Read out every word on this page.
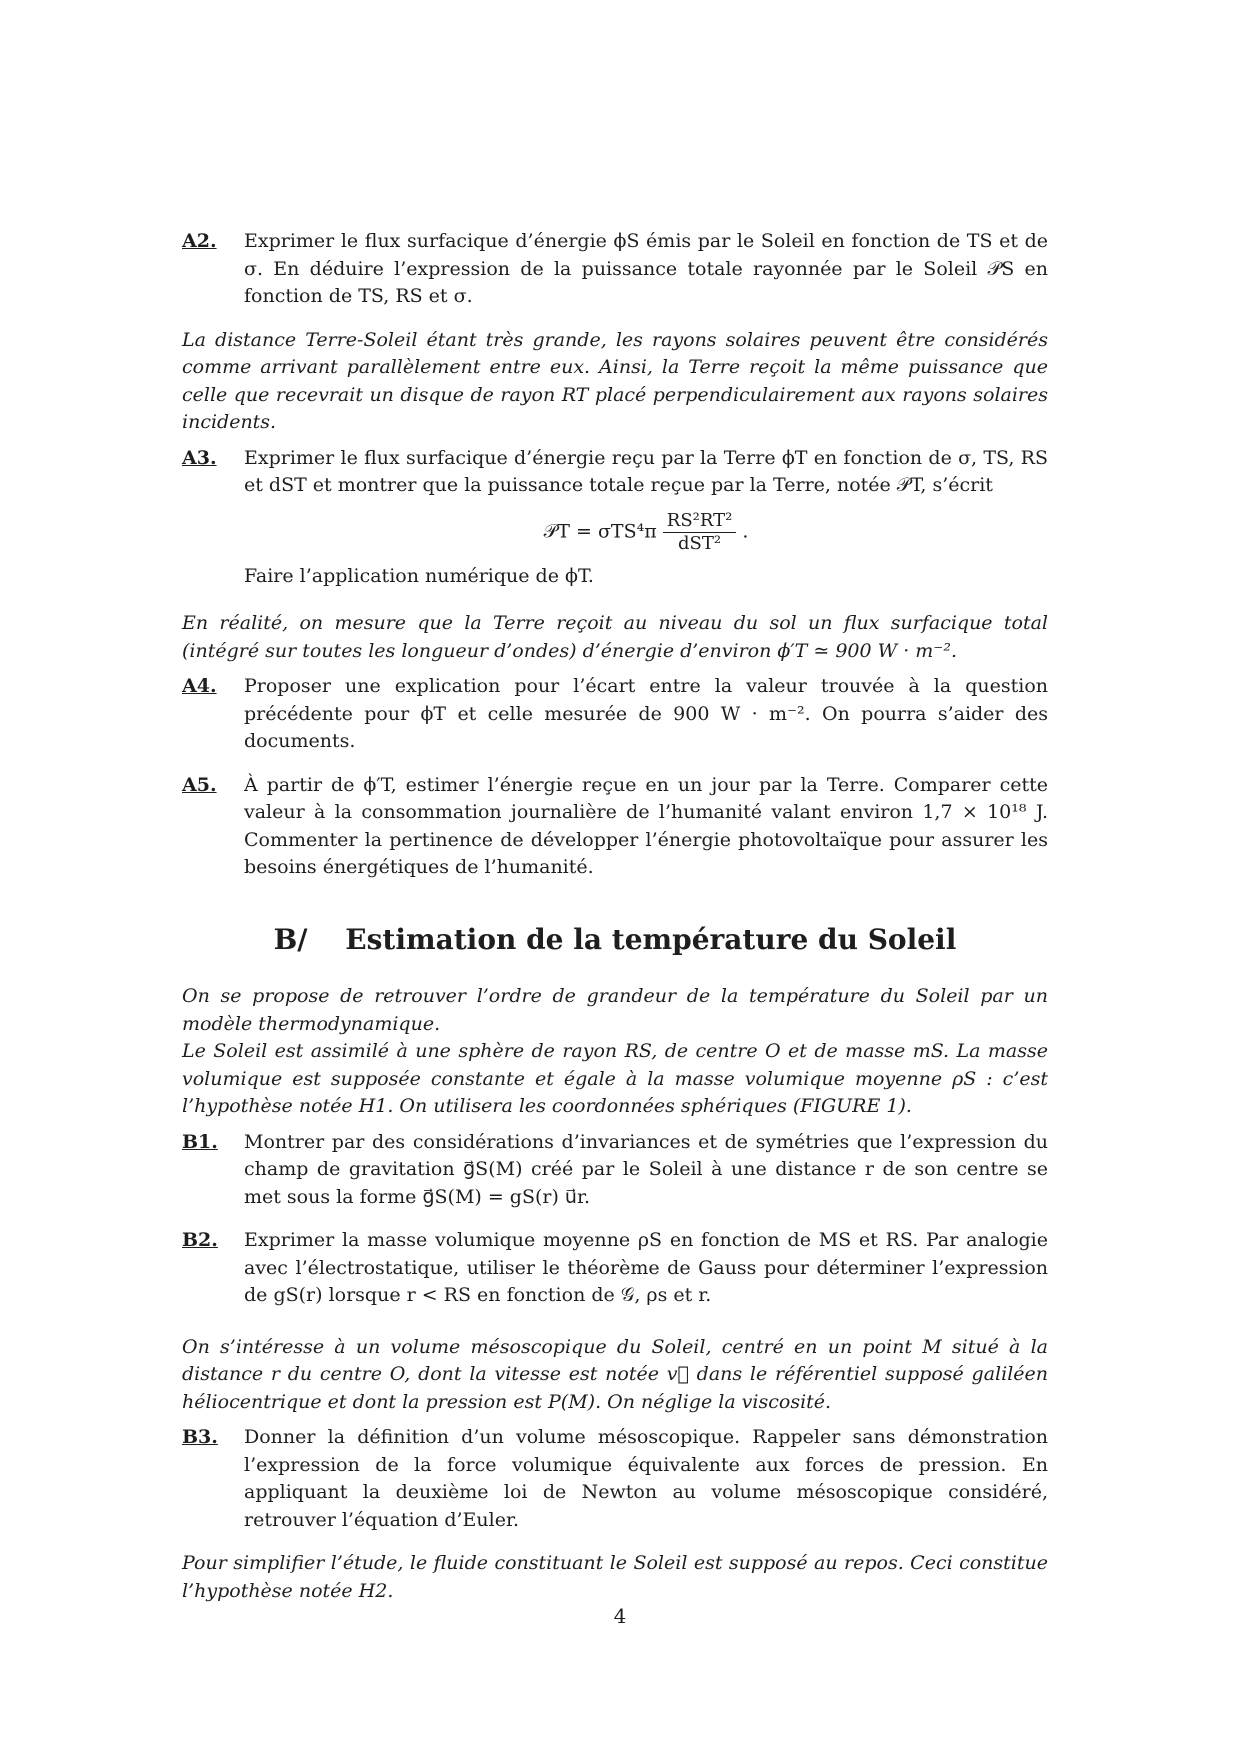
A2.	Exprimer le flux surfacique d’énergie ϕS émis par le Soleil en fonction de TS et de σ. En déduire l’expression de la puissance totale rayonnée par le Soleil 𝒫S en fonction de TS, RS et σ.

La distance Terre-Soleil étant très grande, les rayons solaires peuvent être considérés comme arrivant parallèlement entre eux. Ainsi, la Terre reçoit la même puissance que celle que recevrait un disque de rayon RT placé perpendiculairement aux rayons solaires incidents.

A3.	Exprimer le flux surfacique d’énergie reçu par la Terre ϕT en fonction de σ, TS, RS et dST et montrer que la puissance totale reçue par la Terre, notée 𝒫T, s’écrit
𝒫T = $\sigma TS^4\pi \frac{\text{RS²RT²}}{\text{dST²}}$ .
Faire l’application numérique de ϕT.

En réalité, on mesure que la Terre reçoit au niveau du sol un flux surfacique total (intégré sur toutes les longueur d’ondes) d’énergie d’environ ϕ′T ≃ 900 W · m⁻².

A4.	Proposer une explication pour l’écart entre la valeur trouvée à la question précédente pour ϕT et celle mesurée de 900 W · m⁻². On pourra s’aider des documents.
A5.	À partir de ϕ′T, estimer l’énergie reçue en un jour par la Terre. Comparer cette valeur à la consommation journalière de l’humanité valant environ 1,7 × 10¹⁸ J. Commenter la pertinence de développer l’énergie photovoltaïque pour assurer les besoins énergétiques de l’humanité.
B/ Estimation de la température du Soleil

On se propose de retrouver l’ordre de grandeur de la température du Soleil par un modèle thermodynamique.

Le Soleil est assimilé à une sphère de rayon RS, de centre O et de masse mS. La masse volumique est supposée constante et égale à la masse volumique moyenne ρS : c’est l’hypothèse notée H1. On utilisera les coordonnées sphériques (FIGURE 1).

B1.	Montrer par des considérations d’invariances et de symétries que l’expression du champ de gravitation g⃗S(M) créé par le Soleil à une distance r de son centre se met sous la forme g⃗S(M) = gS(r) u⃗r.
B2.	Exprimer la masse volumique moyenne ρS en fonction de MS et RS. Par analogie avec l’électrostatique, utiliser le théorème de Gauss pour déterminer l’expression de gS(r) lorsque r < RS en fonction de 𝒢, ρs et r.

On s’intéresse à un volume mésoscopique du Soleil, centré en un point M situé à la distance r du centre O, dont la vitesse est notée v⃗ dans le référentiel supposé galiléen héliocentrique et dont la pression est P(M). On néglige la viscosité.

B3.	Donner la définition d’un volume mésoscopique. Rappeler sans démonstration l’expression de la force volumique équivalente aux forces de pression. En appliquant la deuxième loi de Newton au volume mésoscopique considéré, retrouver l’équation d’Euler.

Pour simplifier l’étude, le fluide constituant le Soleil est supposé au repos. Ceci constitue l’hypothèse notée H2.

4
